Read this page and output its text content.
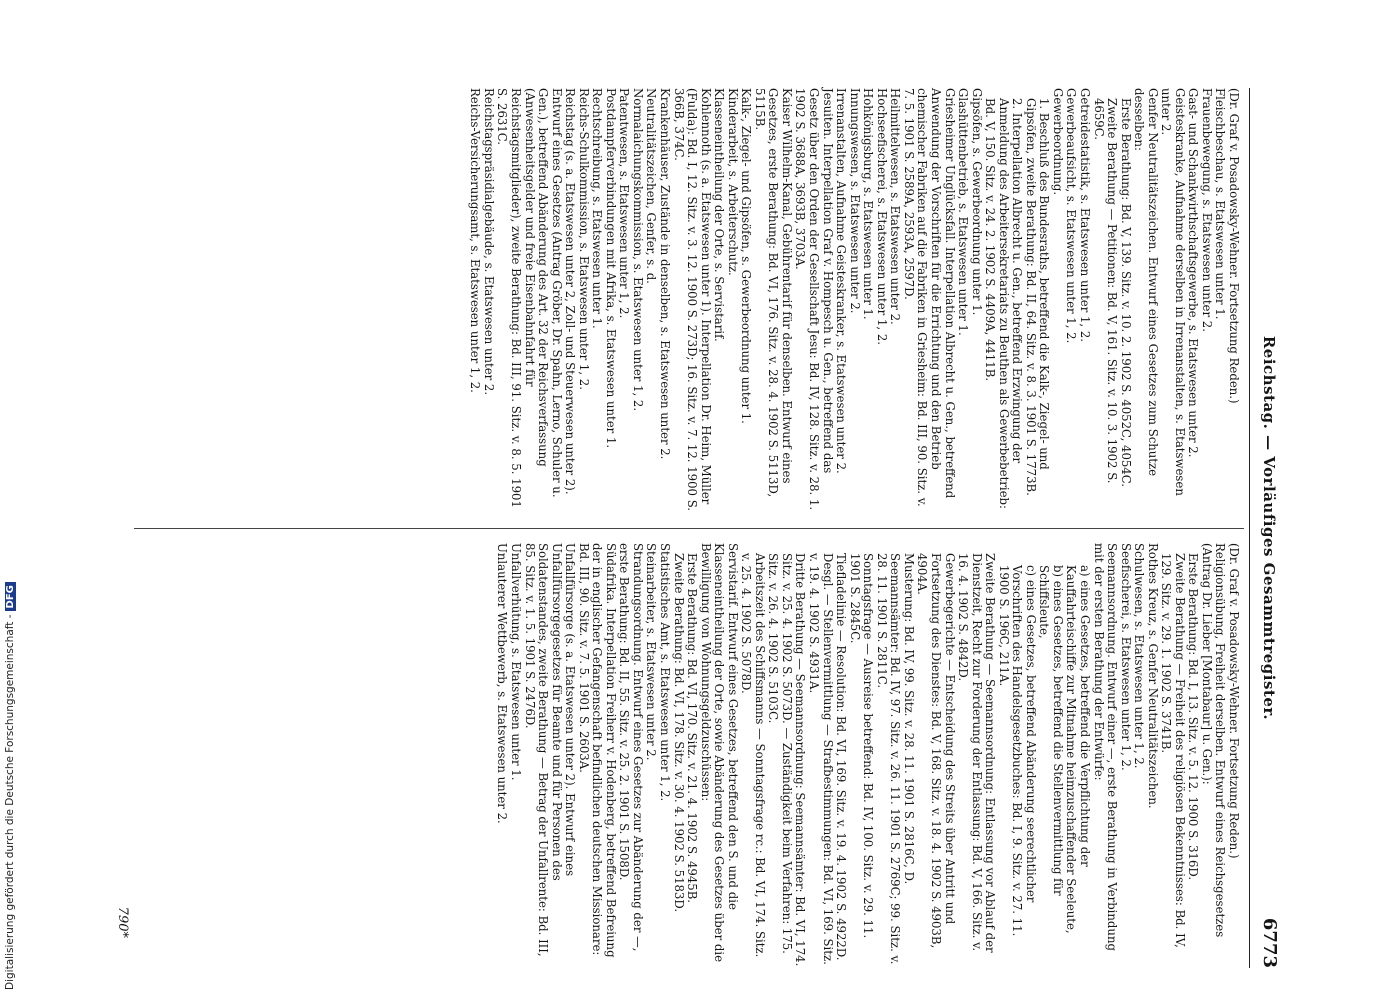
Reichstag. — Vorläufiges Gesammtregister.
6773

(Dr. Graf v. Posadowsky-Wehner. Fortsetzung Reden.)

Fleischbeschau, s. Etatswesen unter 1.

Frauenbewegung, s. Etatswesen unter 2.

Gast- und Schankwirthschaftsgewerbe, s. Etatswesen unter 2.

Geisteskranke, Aufnahme derselben in Irrenanstalten, s. Etatswesen unter 2.

Genfer Neutralitätszeichen. Entwurf eines Gesetzes zum Schutze desselben:

Erste Berathung: Bd. V, 139. Sitz. v. 10. 2. 1902 S. 4052C, 4054C.

Zweite Berathung — Petitionen: Bd. V, 161. Sitz. v. 10. 3. 1902 S. 4659C.

Getreidestatistik, s. Etatswesen unter 1, 2.

Gewerbeaufsicht, s. Etatswesen unter 1, 2.

Gewerbeordnung.

1. Beschluß des Bundesraths, betreffend die Kalk-, Ziegel- und Gipsöfen, zweite Berathung: Bd. II, 64. Sitz. v. 8. 3. 1901 S. 1773B.

2. Interpellation Albrecht u. Gen., betreffend Erzwingung der Anmeldung des Arbeitersekretariats zu Beuthen als Gewerbebetrieb: Bd. V, 150. Sitz. v. 24. 2. 1902 S. 4409A, 4411B.

Gipsöfen, s. Gewerbeordnung unter 1.

Glashüttenbetrieb, s. Etatswesen unter 1.

Griesheimer Unglücksfall. Interpellation Albrecht u. Gen., betreffend Anwendung der Vorschriften für die Errichtung und den Betrieb chemischer Fabriken auf die Fabriken in Griesheim: Bd. III, 90. Sitz. v. 7. 5. 1901 S. 2589A, 2593A, 2597D.

Heilmittelwesen, s. Etatswesen unter 2.

Hochseefischerei, s. Etatswesen unter 1, 2.

Hohkönigsburg, s. Etatswesen unter 1.

Innungswesen, s. Etatswesen unter 2.

Irrenanstalten, Aufnahme Geisteskranker, s. Etatswesen unter 2.

Jesuiten. Interpellation Graf v. Hompesch u. Gen., betreffend das Gesetz über den Orden der Gesellschaft Jesu: Bd. IV, 128. Sitz. v. 28. 1. 1902 S. 3688A, 3693B, 3703A.

Kaiser Wilhelm-Kanal, Gebührentarif für denselben. Entwurf eines Gesetzes, erste Berathung: Bd. VI, 176. Sitz. v. 28. 4. 1902 S. 5113D, 5115B.

Kalk-, Ziegel- und Gipsöfen, s. Gewerbeordnung unter 1.

Kinderarbeit, s. Arbeiterschutz.

Klasseneintheilung der Orte, s. Servistarif.

Kohlennoth (s. a. Etatswesen unter 1). Interpellation Dr. Heim, Müller (Fulda): Bd. I, 12. Sitz. v. 3. 12. 1900 S. 273D; 16. Sitz. v. 7. 12. 1900 S. 366B, 374C.

Krankenhäuser, Zustände in denselben, s. Etatswesen unter 2.

Neutralitätszeichen, Genfer, s. d.

Normalaichungskommission, s. Etatswesen unter 1, 2.

Patentwesen, s. Etatswesen unter 1, 2.

Postdampferverbindungen mit Afrika, s. Etatswesen unter 1.

Rechtschreibung, s. Etatswesen unter 1.

Reichs-Schulkommission, s. Etatswesen unter 1, 2.

Reichstag (s. a. Etatswesen unter 2, Zoll- und Steuerwesen unter 2). Entwurf eines Gesetzes (Antrag Gröber, Dr. Spahn, Lerno, Schuler u. Gen.), betreffend Abänderung des Art. 32 der Reichsverfassung (Anwesenheitsgelder und freie Eisenbahnfahrt für Reichstagsmitglieder), zweite Berathung: Bd. III, 91. Sitz. v. 8. 5. 1901 S. 2631C.

Reichstagspräsidialgebäude, s. Etatswesen unter 2.

Reichs-Versicherungsamt, s. Etatswesen unter 1, 2.

(Dr. Graf v. Posadowsky-Wehner. Fortsetzung Reden.)

Religionsübung, Freiheit derselben. Entwurf eines Reichsgesetzes (Antrag Dr. Lieber [Montabaur] u. Gen.):

Erste Berathung: Bd. I, 13. Sitz. v. 5. 12. 1900 S. 316D.

Zweite Berathung — Freiheit des religiösen Bekenntnisses: Bd. IV, 129. Sitz. v. 29. 1. 1902 S. 3741B.

Rothes Kreuz, s. Genfer Neutralitätszeichen.

Schulwesen, s. Etatswesen unter 1, 2.

Seefischerei, s. Etatswesen unter 1, 2.

Seemannsordnung. Entwurf einer —, erste Berathung in Verbindung mit der ersten Berathung der Entwürfe:

a) eines Gesetzes, betreffend die Verpflichtung der Kauffahrteischiffe zur Mitnahme heimzuschaffender Seeleute,

b) eines Gesetzes, betreffend die Stellenvermittlung für Schiffsleute,

c) eines Gesetzes, betreffend Abänderung seerechtlicher Vorschriften des Handelsgesetzbuches: Bd. I, 9. Sitz. v. 27. 11. 1900 S. 196C, 211A.

Zweite Berathung — Seemannsordnung: Entlassung vor Ablauf der Dienstzeit, Recht zur Forderung der Entlassung: Bd. V, 166. Sitz. v. 16. 4. 1902 S. 4842D.

Gewerbegerichte — Entscheidung des Streits über Antritt und Fortsetzung des Dienstes: Bd. V, 168. Sitz. v. 18. 4. 1902 S. 4903B, 4904A.

Musterung: Bd. IV, 99. Sitz. v. 28. 11. 1901 S. 2816C, D.

Seemannsämter: Bd. IV, 97. Sitz. v. 26. 11. 1901 S. 2769C; 99. Sitz. v. 28. 11. 1901 S. 2811C.

Sonntagsfrage — Ausreise betreffend: Bd. IV, 100. Sitz. v. 29. 11. 1901 S. 2845C.

Tiefladelinie — Resolution: Bd. VI, 169. Sitz. v. 19. 4. 1902 S. 4922D.

Desgl. — Stellenvermittlung — Strafbestimmungen: Bd. VI, 169. Sitz. v. 19. 4. 1902 S. 4931A.

Dritte Berathung — Seemannsordnung: Seemannsämter: Bd. VI, 174. Sitz. v. 25. 4. 1902 S. 5073D. — Zuständigkeit beim Verfahren: 175. Sitz. v. 26. 4. 1902 S. 5103C.

Arbeitszeit des Schiffsmanns — Sonntagsfrage rc.: Bd. VI, 174. Sitz. v. 25. 4. 1902 S. 5078D.

Servistarif. Entwurf eines Gesetzes, betreffend den S. und die Klasseneintheilung der Orte, sowie Abänderung des Gesetzes über die Bewilligung von Wohnungsgeldzuschüssen:

Erste Berathung: Bd. VI, 170. Sitz. v. 21. 4. 1902 S. 4945B.

Zweite Berathung: Bd. VI, 178. Sitz. v. 30. 4. 1902 S. 5183D.

Statistisches Amt, s. Etatswesen unter 1, 2.

Steinarbeiter, s. Etatswesen unter 2.

Strandungsordnung. Entwurf eines Gesetzes zur Abänderung der —, erste Berathung: Bd. II, 55. Sitz. v. 25. 2. 1901 S. 1508D.

Südafrika. Interpellation Freiherr v. Hodenberg, betreffend Befreiung der in englischer Gefangenschaft befindlichen deutschen Missionare: Bd. III, 90. Sitz. v. 7. 5. 1901 S. 2603A.

Unfallfürsorge (s. a. Etatswesen unter 2). Entwurf eines Unfallfürsorgegesetzes für Beamte und für Personen des Soldatenstandes, zweite Berathung — Betrag der Unfallrente: Bd. III, 85. Sitz. v. 1. 5. 1901 S. 2476D.

Unfallverhütung, s. Etatswesen unter 1.

Unlauterer Wettbewerb, s. Etatswesen unter 2.

790*
Digitalisierung gefördert durch die Deutsche Forschungsgemeinschaft -DFG
